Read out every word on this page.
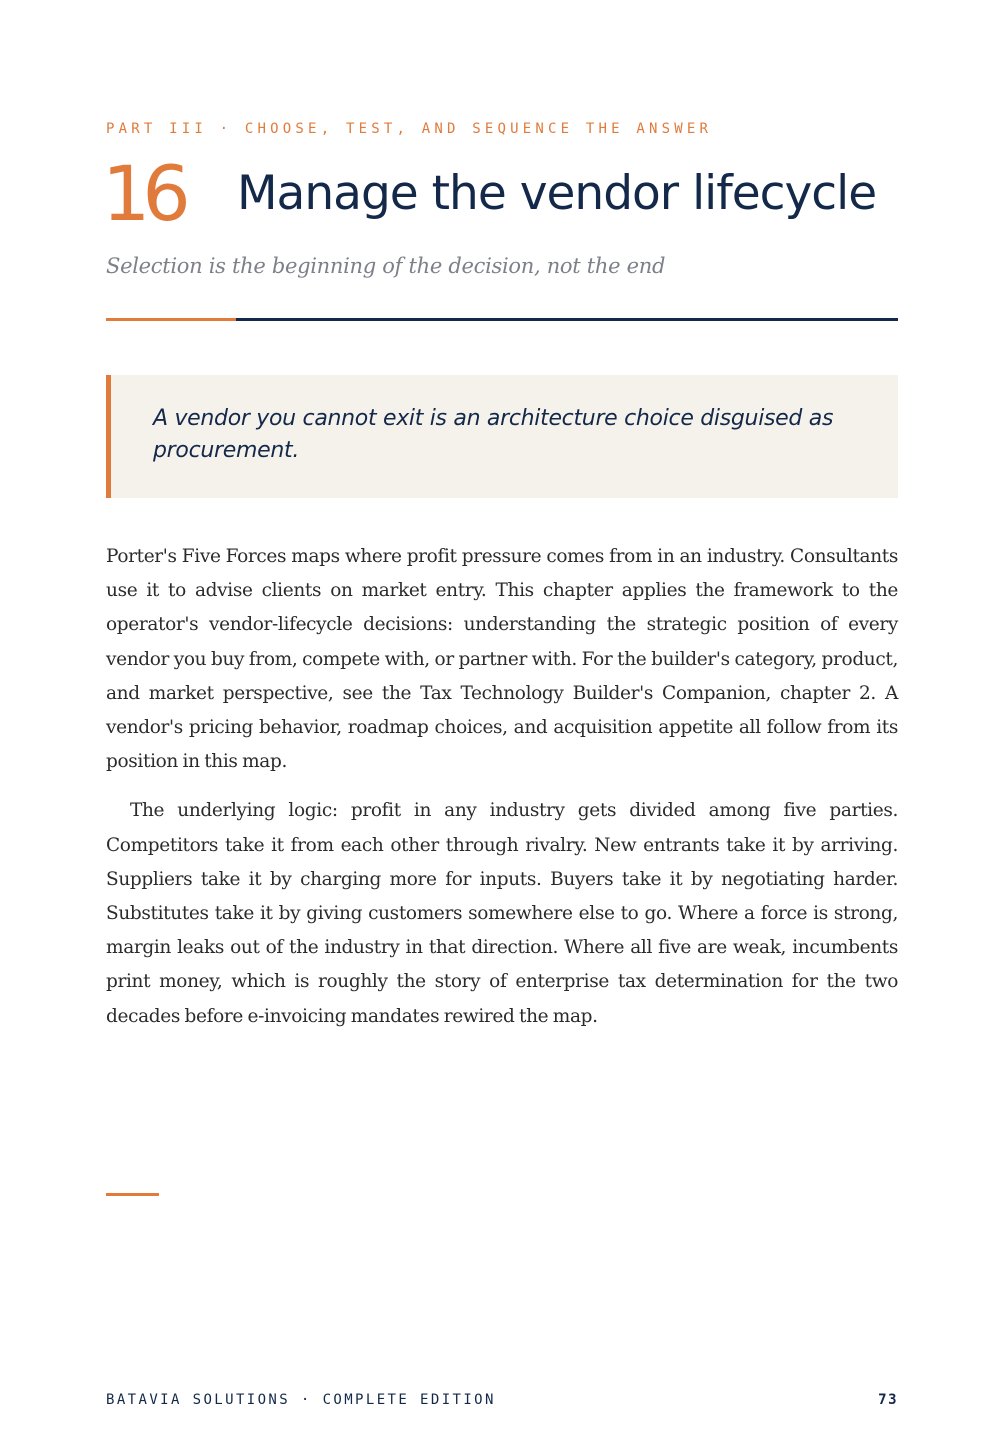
PART III · CHOOSE, TEST, AND SEQUENCE THE ANSWER
16 Manage the vendor lifecycle
Selection is the beginning of the decision, not the end
A vendor you cannot exit is an architecture choice disguised as procurement.

Porter's Five Forces maps where profit pressure comes from in an industry. Consultants use it to advise clients on market entry. This chapter applies the framework to the operator's vendor-lifecycle decisions: understanding the strategic position of every vendor you buy from, compete with, or partner with. For the builder's category, product, and market perspective, see the Tax Technology Builder's Companion, chapter 2. A vendor's pricing behavior, roadmap choices, and acquisition appetite all follow from its position in this map.

The underlying logic: profit in any industry gets divided among five parties. Competitors take it from each other through rivalry. New entrants take it by arriving. Suppliers take it by charging more for inputs. Buyers take it by negotiating harder. Substitutes take it by giving customers somewhere else to go. Where a force is strong, margin leaks out of the industry in that direction. Where all five are weak, incumbents print money, which is roughly the story of enterprise tax determination for the two decades before e-invoicing mandates rewired the map.

BATAVIA SOLUTIONS · COMPLETE EDITION	73
